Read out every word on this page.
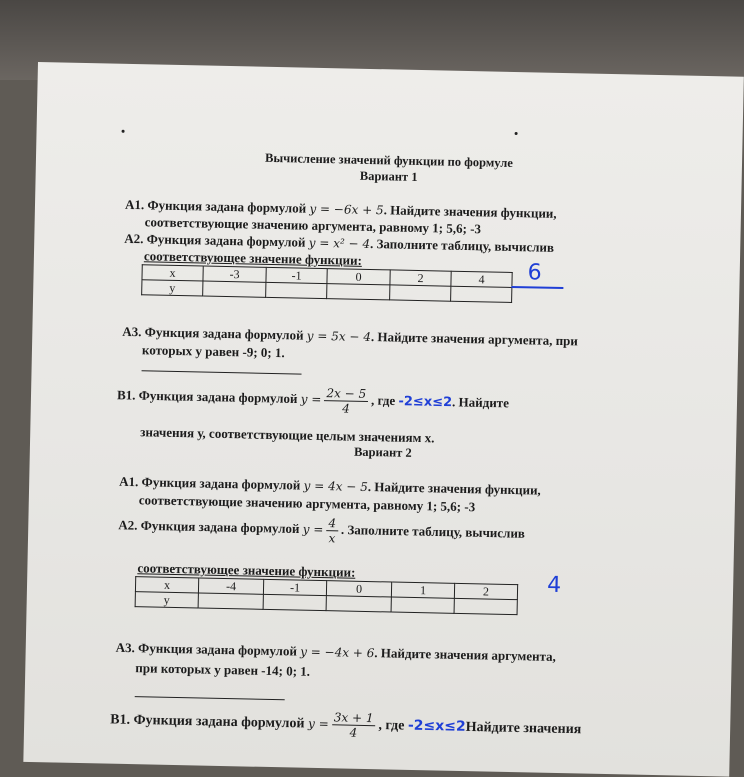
Вычисление значений функции по формуле
Вариант 1
А1. Функция задана формулой y = −6x + 5. Найдите значения функции,
соответствующие значению аргумента, равному 1; 5,6; -3
А2. Функция задана формулой y = x² − 4. Заполните таблицу, вычислив
соответствующее значение функции:
x	-3	-1	0	2	4
y					
6
А3. Функция задана формулой y = 5x − 4. Найдите значения аргумента, при
которых у равен -9; 0; 1.
В1. Функция задана формулой $y = \frac{2x - 5}{4}$ , где -2≤x≤2. Найдите
значения у, соответствующие целым значениям х.
Вариант 2
А1. Функция задана формулой y = 4x − 5. Найдите значения функции,
соответствующие значению аргумента, равному 1; 5,6; -3
А2. Функция задана формулой $y = \frac{4}{x}$ . Заполните таблицу, вычислив
соответствующее значение функции:
x	-4	-1	0	1	2
y					
4
А3. Функция задана формулой y = −4x + 6. Найдите значения аргумента,
при которых у равен -14; 0; 1.
В1. Функция задана формулой $y = \frac{3x + 1}{4}$ , где -2≤x≤2Найдите значения
